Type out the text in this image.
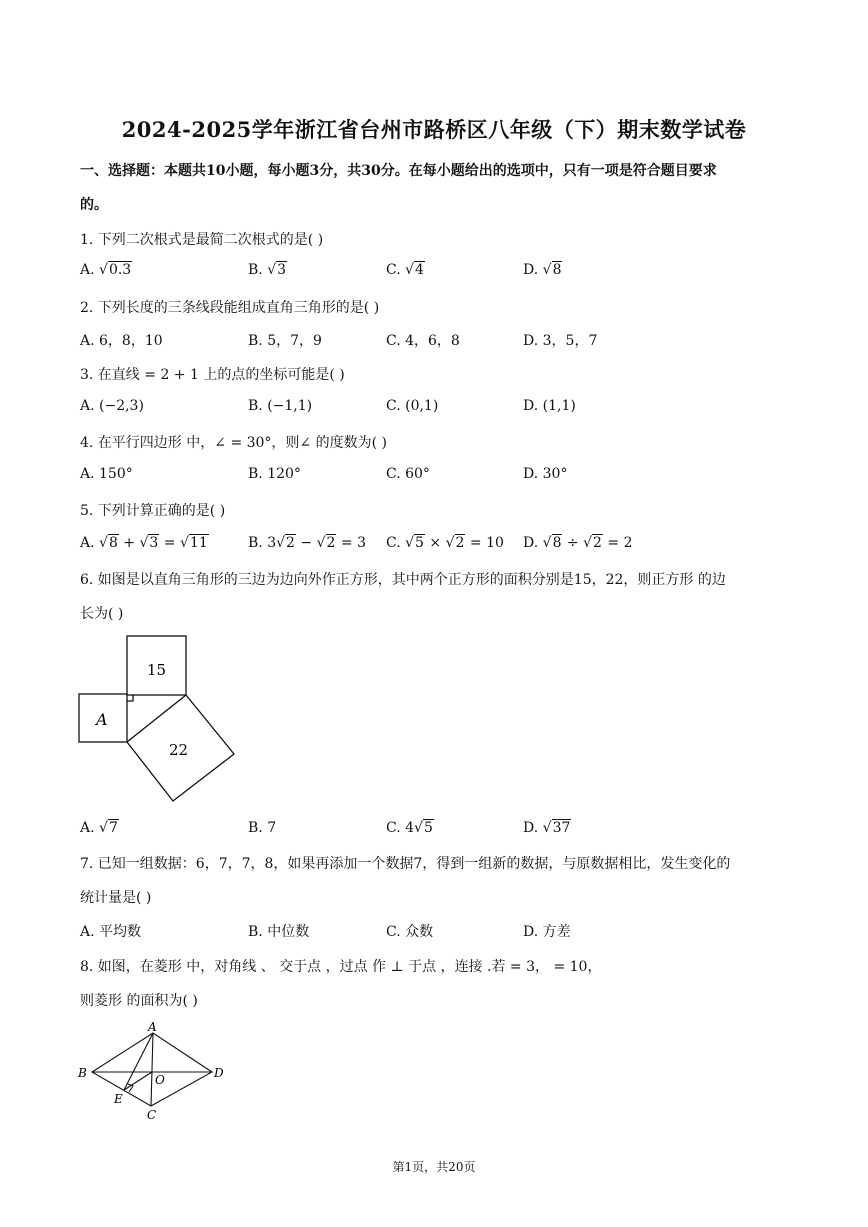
2024-2025学年浙江省台州市路桥区八年级（下）期末数学试卷
一、选择题：本题共10小题，每小题3分，共30分。在每小题给出的选项中，只有一项是符合题目要求
的。
1. 下列二次根式是最简二次根式的是( )
A. √0.3	B. √3	C. √4	D. √8
2. 下列长度的三条线段能组成直角三角形的是( )
A. 6，8，10	B. 5，7，9	C. 4，6，8	D. 3，5，7
3. 在直线 = 2 + 1 上的点的坐标可能是( )
A. (−2,3)	B. (−1,1)	C. (0,1)	D. (1,1)
4. 在平行四边形 中，∠ = 30°，则∠ 的度数为( )
A. 150°	B. 120°	C. 60°	D. 30°
5. 下列计算正确的是( )
A. √8 + √3 = √11	B. 3√2 − √2 = 3 C. √5 × √2 = 10 D. √8 ÷ √2 = 2
6. 如图是以直角三角形的三边为边向外作正方形，其中两个正方形的面积分别是15，22，则正方形 的边
长为( )
15
A
22
A. √7	B. 7	C. 4√5	D. √37
7. 已知一组数据：6，7，7，8，如果再添加一个数据7，得到一组新的数据，与原数据相比，发生变化的
统计量是( )
A. 平均数	B. 中位数	C. 众数	D. 方差
8. 如图，在菱形 中，对角线 、 交于点 ，过点 作 ⊥ 于点 ，连接 .若 = 3， = 10，
则菱形 的面积为( )
A
B	D
C
O
E
第1页，共20页
